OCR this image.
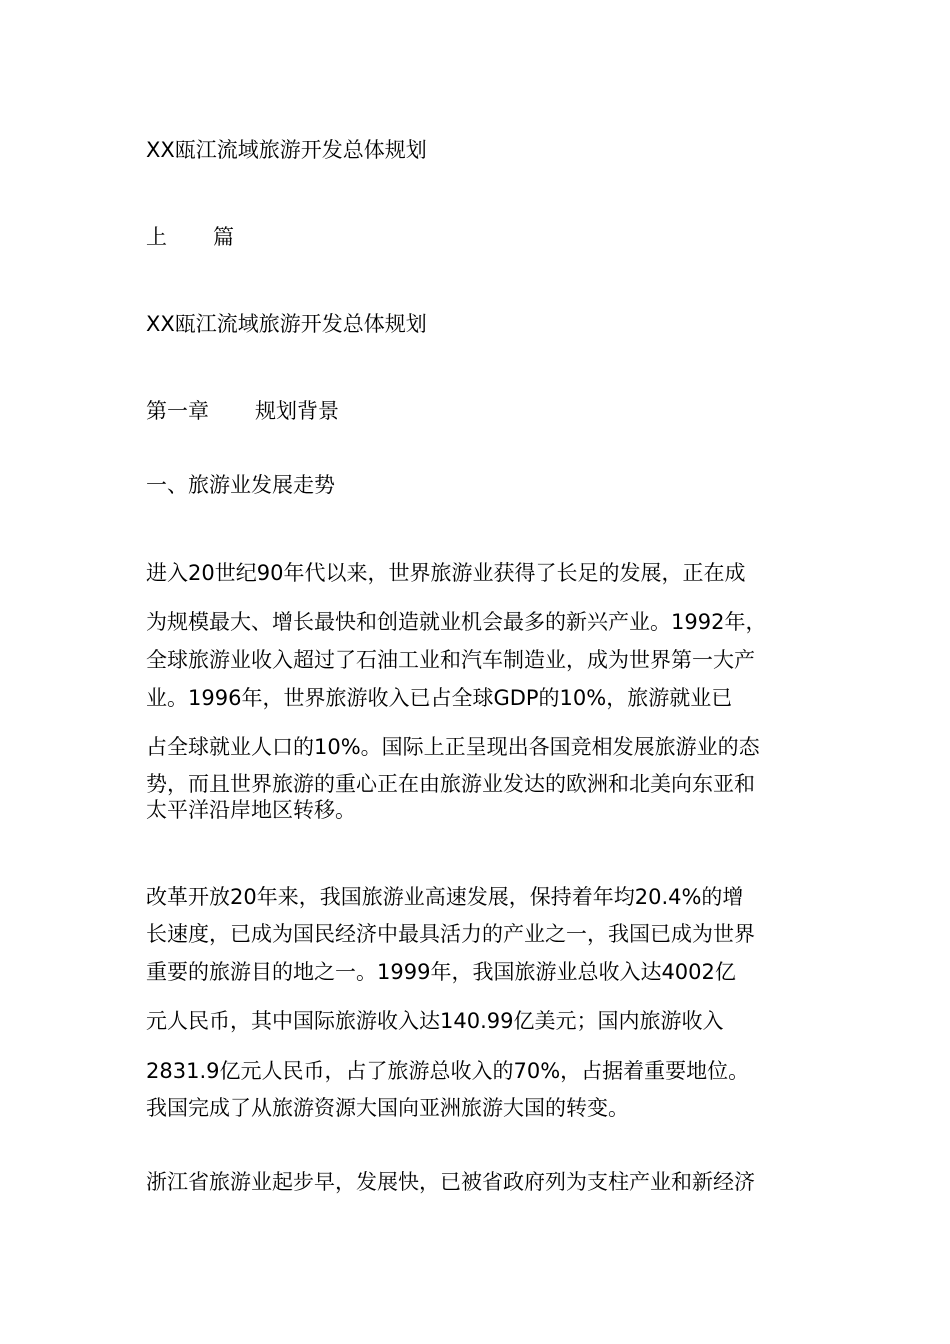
XX瓯江流域旅游开发总体规划
上 篇
XX瓯江流域旅游开发总体规划
第一章 规划背景
一、旅游业发展走势
进入20世纪90年代以来，世界旅游业获得了长足的发展，正在成
为规模最大、增长最快和创造就业机会最多的新兴产业。1992年，
全球旅游业收入超过了石油工业和汽车制造业，成为世界第一大产
业。1996年，世界旅游收入已占全球GDP的10%，旅游就业已
占全球就业人口的10%。国际上正呈现出各国竞相发展旅游业的态
势，而且世界旅游的重心正在由旅游业发达的欧洲和北美向东亚和
太平洋沿岸地区转移。
改革开放20年来，我国旅游业高速发展，保持着年均20.4%的增
长速度，已成为国民经济中最具活力的产业之一，我国已成为世界
重要的旅游目的地之一。1999年，我国旅游业总收入达4002亿
元人民币，其中国际旅游收入达140.99亿美元；国内旅游收入
2831.9亿元人民币，占了旅游总收入的70%，占据着重要地位。
我国完成了从旅游资源大国向亚洲旅游大国的转变。
浙江省旅游业起步早，发展快，已被省政府列为支柱产业和新经济
